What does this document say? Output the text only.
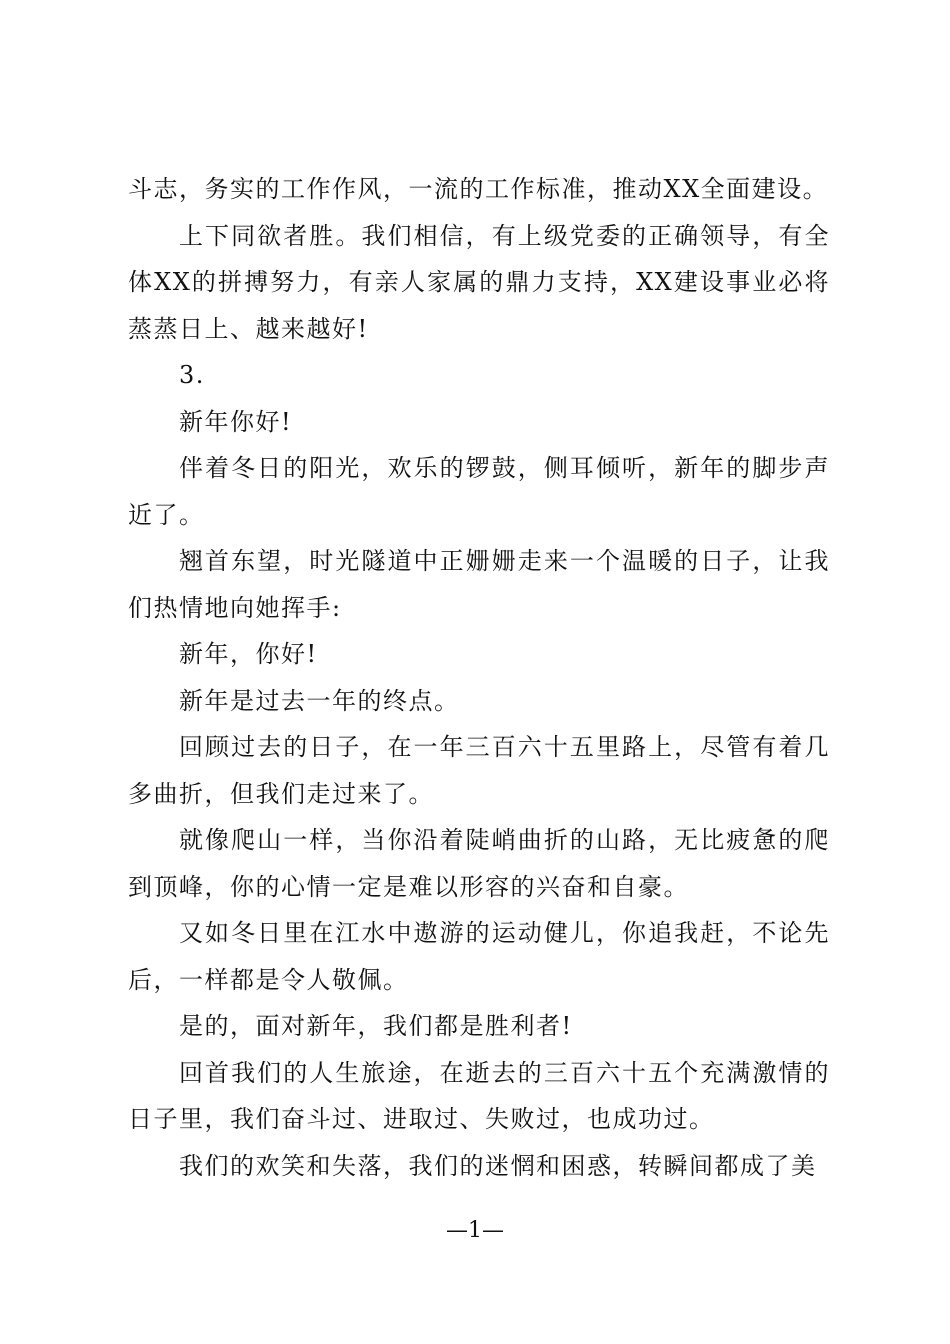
斗志，务实的工作作风，一流的工作标准，推动XX全面建设。

上下同欲者胜。我们相信，有上级党委的正确领导，有全体XX的拼搏努力，有亲人家属的鼎力支持，XX建设事业必将蒸蒸日上、越来越好!

3.

新年你好!

伴着冬日的阳光，欢乐的锣鼓，侧耳倾听，新年的脚步声近了。

翘首东望，时光隧道中正姗姗走来一个温暖的日子，让我们热情地向她挥手:

新年，你好!

新年是过去一年的终点。

回顾过去的日子，在一年三百六十五里路上，尽管有着几多曲折，但我们走过来了。

就像爬山一样，当你沿着陡峭曲折的山路，无比疲惫的爬到顶峰，你的心情一定是难以形容的兴奋和自豪。

又如冬日里在江水中遨游的运动健儿，你追我赶，不论先后，一样都是令人敬佩。

是的，面对新年，我们都是胜利者!

回首我们的人生旅途，在逝去的三百六十五个充满激情的日子里，我们奋斗过、进取过、失败过，也成功过。

我们的欢笑和失落，我们的迷惘和困惑，转瞬间都成了美

—1—
